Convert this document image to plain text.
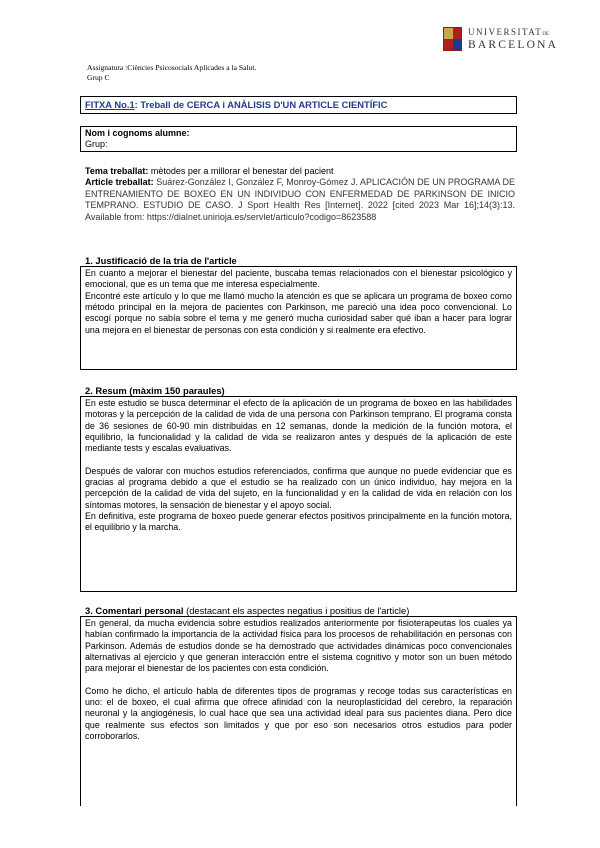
UNIVERSITATDE
BARCELONA
Assignatura :Ciències Psicosocials Aplicades a la Salut.
Grup C
FITXA No.1: Treball de CERCA i ANÀLISIS D'UN ARTICLE CIENTÍFIC
Nom i cognoms alumne:
Grup:
Tema treballat: mètodes per a millorar el benestar del pacient
Article treballat: Suárez-González I, González F, Monroy-Gómez J. APLICACIÓN DE UN PROGRAMA DE ENTRENAMIENTO DE BOXEO EN UN INDIVIDUO CON ENFERMEDAD DE PARKINSON DE INICIO TEMPRANO. ESTUDIO DE CASO. J Sport Health Res [Internet]. 2022 [cited 2023 Mar 16];14(3):13. Available from: https://dialnet.unirioja.es/servlet/articulo?codigo=8623588
1. Justificació de la tria de l'article

En cuanto a mejorar el bienestar del paciente, buscaba temas relacionados con el bienestar psicológico y emocional, que es un tema que me interesa especialmente.

Encontré este artículo y lo que me llamó mucho la atención es que se aplicara un programa de boxeo como método principal en la mejora de pacientes con Parkinson, me pareció una idea poco convencional. Lo escogí porque no sabía sobre el tema y me generó mucha curiosidad saber qué iban a hacer para lograr una mejora en el bienestar de personas con esta condición y si realmente era efectivo.

2. Resum (màxim 150 paraules)

En este estudio se busca determinar el efecto de la aplicación de un programa de boxeo en las habilidades motoras y la percepción de la calidad de vida de una persona con Parkinson temprano. El programa consta de 36 sesiones de 60-90 min distribuidas en 12 semanas, donde la medición de la función motora, el equilibrio, la funcionalidad y la calidad de vida se realizaron antes y después de la aplicación de este mediante tests y escalas evaluativas.

Después de valorar con muchos estudios referenciados, confirma que aunque no puede evidenciar que es gracias al programa debido a que el estudio se ha realizado con un único individuo, hay mejora en la percepción de la calidad de vida del sujeto, en la funcionalidad y en la calidad de vida en relación con los síntomas motores, la sensación de bienestar y el apoyo social.

En definitiva, este programa de boxeo puede generar efectos positivos principalmente en la función motora, el equilibrio y la marcha.

3. Comentari personal (destacant els aspectes negatius i positius de l'article)

En general, da mucha evidencia sobre estudios realizados anteriormente por fisioterapeutas los cuales ya habían confirmado la importancia de la actividad física para los procesos de rehabilitación en personas con Parkinson. Además de estudios donde se ha demostrado que actividades dinámicas poco convencionales alternativas al ejercicio y que generan interacción entre el sistema cognitivo y motor son un buen método para mejorar el bienestar de los pacientes con esta condición.

Como he dicho, el artículo habla de diferentes tipos de programas y recoge todas sus características en uno: el de boxeo, el cual afirma que ofrece afinidad con la neuroplasticidad del cerebro, la reparación neuronal y la angiogénesis, lo cual hace que sea una actividad ideal para sus pacientes diana. Pero dice que realmente sus efectos son limitados y que por eso son necesarios otros estudios para poder corroborarlos.
